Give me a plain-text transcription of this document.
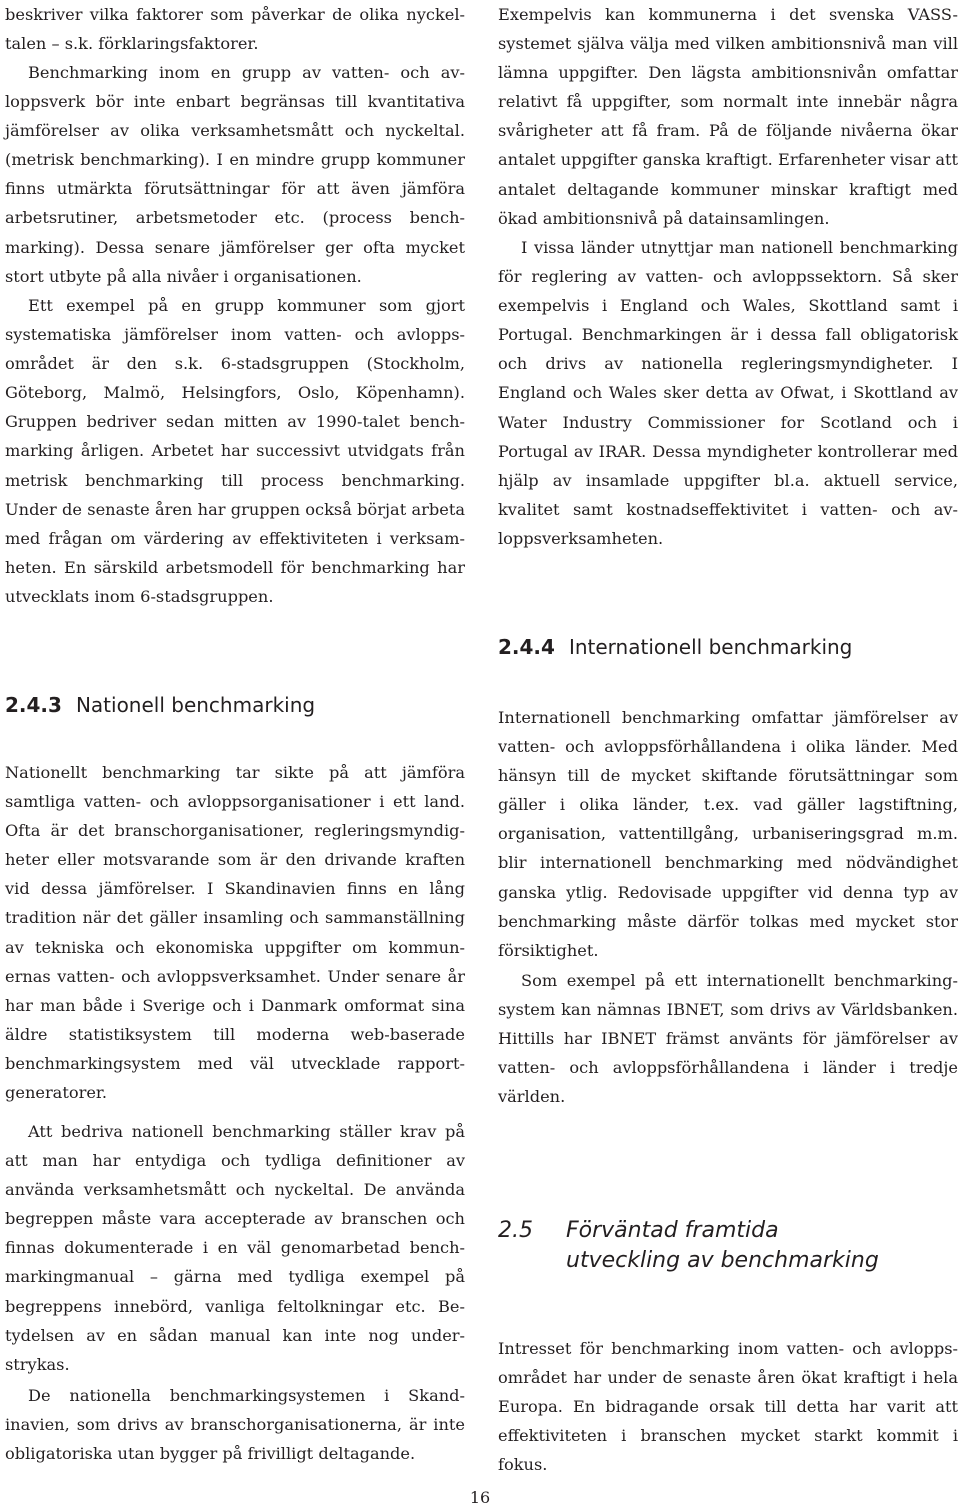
beskriver vilka faktorer som påverkar de olika nyckeltalen – s.k. förklaringsfaktorer.

Benchmarking inom en grupp av vatten- och avloppsverk bör inte enbart begränsas till kvantitativa jämförelser av olika verksamhetsmått och nyckeltal. (metrisk benchmarking). I en mindre grupp kommuner finns utmärkta förutsättningar för att även jämföra arbetsrutiner, arbetsmetoder etc. (process benchmarking). Dessa senare jämförelser ger ofta mycket stort utbyte på alla nivåer i organisationen.

Ett exempel på en grupp kommuner som gjort systematiska jämförelser inom vatten- och avloppsområdet är den s.k. 6-stadsgruppen (Stockholm, Göteborg, Malmö, Helsingfors, Oslo, Köpenhamn). Gruppen bedriver sedan mitten av 1990-talet benchmarking årligen. Arbetet har successivt utvidgats från metrisk benchmarking till process benchmarking. Under de senaste åren har gruppen också börjat arbeta med frågan om värdering av effektiviteten i verksamheten. En särskild arbetsmodell för benchmarking har utvecklats inom 6-stadsgruppen.

2.4.3 Nationell benchmarking

Nationellt benchmarking tar sikte på att jämföra samtliga vatten- och avloppsorganisationer i ett land. Ofta är det branschorganisationer, regleringsmyndigheter eller motsvarande som är den drivande kraften vid dessa jämförelser. I Skandinavien finns en lång tradition när det gäller insamling och sammanställning av tekniska och ekonomiska uppgifter om kommunernas vatten- och avloppsverksamhet. Under senare år har man både i Sverige och i Danmark omformat sina äldre statistiksystem till moderna web-baserade benchmarkingsystem med väl utvecklade rapportgeneratorer.

Att bedriva nationell benchmarking ställer krav på att man har entydiga och tydliga definitioner av använda verksamhetsmått och nyckeltal. De använda begreppen måste vara accepterade av branschen och finnas dokumenterade i en väl genomarbetad benchmarkingmanual – gärna med tydliga exempel på begreppens innebörd, vanliga feltolkningar etc. Betydelsen av en sådan manual kan inte nog understrykas.

De nationella benchmarkingsystemen i Skandinavien, som drivs av branschorganisationerna, är inte obligatoriska utan bygger på frivilligt deltagande.

Exempelvis kan kommunerna i det svenska VASS-systemet själva välja med vilken ambitionsnivå man vill lämna uppgifter. Den lägsta ambitionsnivån omfattar relativt få uppgifter, som normalt inte innebär några svårigheter att få fram. På de följande nivåerna ökar antalet uppgifter ganska kraftigt. Erfarenheter visar att antalet deltagande kommuner minskar kraftigt med ökad ambitionsnivå på datainsamlingen.

I vissa länder utnyttjar man nationell benchmarking för reglering av vatten- och avloppssektorn. Så sker exempelvis i England och Wales, Skottland samt i Portugal. Benchmarkingen är i dessa fall obligatorisk och drivs av nationella regleringsmyndigheter. I England och Wales sker detta av Ofwat, i Skottland av Water Industry Commissioner for Scotland och i Portugal av IRAR. Dessa myndigheter kontrollerar med hjälp av insamlade uppgifter bl.a. aktuell service, kvalitet samt kostnadseffektivitet i vatten- och avloppsverksamheten.

2.4.4 Internationell benchmarking

Internationell benchmarking omfattar jämförelser av vatten- och avloppsförhållandena i olika länder. Med hänsyn till de mycket skiftande förutsättningar som gäller i olika länder, t.ex. vad gäller lagstiftning, organisation, vattentillgång, urbaniseringsgrad m.m. blir internationell benchmarking med nödvändighet ganska ytlig. Redovisade uppgifter vid denna typ av benchmarking måste därför tolkas med mycket stor försiktighet.

Som exempel på ett internationellt benchmarkingsystem kan nämnas IBNET, som drivs av Världsbanken. Hittills har IBNET främst använts för jämförelser av vatten- och avloppsförhållandena i länder i tredje världen.

2.5	Förväntad framtida
utveckling av benchmarking

Intresset för benchmarking inom vatten- och avloppsområdet har under de senaste åren ökat kraftigt i hela Europa. En bidragande orsak till detta har varit att effektiviteten i branschen mycket starkt kommit i fokus.

16
